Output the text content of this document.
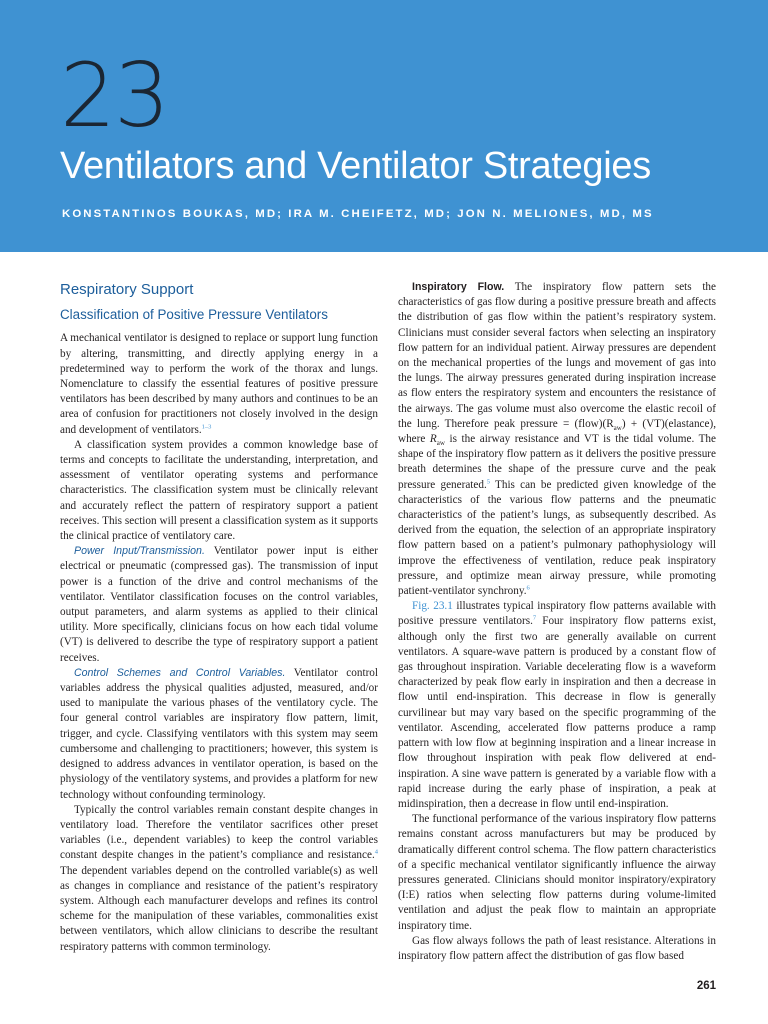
23
Ventilators and Ventilator Strategies
KONSTANTINOS BOUKAS, MD; IRA M. CHEIFETZ, MD; JON N. MELIONES, MD, MS
Respiratory Support
Classification of Positive Pressure Ventilators

A mechanical ventilator is designed to replace or support lung function by altering, transmitting, and directly applying energy in a predetermined way to perform the work of the thorax and lungs. Nomenclature to classify the essential features of positive pressure ventilators has been described by many authors and continues to be an area of confusion for practitioners not closely involved in the design and development of ventilators.$^{1-3}$

A classification system provides a common knowledge base of terms and concepts to facilitate the understanding, interpretation, and assessment of ventilator operating systems and performance characteristics. The classification system must be clinically relevant and accurately reflect the pattern of respiratory support a patient receives. This section will present a classification system as it supports the clinical practice of ventilatory care.

Power Input/Transmission. Ventilator power input is either electrical or pneumatic (compressed gas). The transmission of input power is a function of the drive and control mechanisms of the ventilator. Ventilator classification focuses on the control variables, output parameters, and alarm systems as applied to their clinical utility. More specifically, clinicians focus on how each tidal volume (VT) is delivered to describe the type of respiratory support a patient receives.

Control Schemes and Control Variables. Ventilator control variables address the physical qualities adjusted, measured, and/or used to manipulate the various phases of the ventilatory cycle. The four general control variables are inspiratory flow pattern, limit, trigger, and cycle. Classifying ventilators with this system may seem cumbersome and challenging to practitioners; however, this system is designed to address advances in ventilator operation, is based on the physiology of the ventilatory systems, and provides a platform for new technology without confounding terminology.

Typically the control variables remain constant despite changes in ventilatory load. Therefore the ventilator sacrifices other preset variables (i.e., dependent variables) to keep the control variables constant despite changes in the patient’s compliance and resistance.$^4$ The dependent variables depend on the controlled variable(s) as well as changes in compliance and resistance of the patient’s respiratory system. Although each manufacturer develops and refines its control scheme for the manipulation of these variables, commonalities exist between ventilators, which allow clinicians to describe the resultant respiratory patterns with common terminology.

Inspiratory Flow. The inspiratory flow pattern sets the characteristics of gas flow during a positive pressure breath and affects the distribution of gas flow within the patient’s respiratory system. Clinicians must consider several factors when selecting an inspiratory flow pattern for an individual patient. Airway pressures are dependent on the mechanical properties of the lungs and movement of gas into the lungs. The airway pressures generated during inspiration increase as flow enters the respiratory system and encounters the resistance of the airways. The gas volume must also overcome the elastic recoil of the lung. Therefore peak pressure = $(flow)(R_{aw})$ + (VT)(elastance), where $R_{aw}$ is the airway resistance and VT is the tidal volume. The shape of the inspiratory flow pattern as it delivers the positive pressure breath determines the shape of the pressure curve and the peak pressure generated.$^5$ This can be predicted given knowledge of the characteristics of the various flow patterns and the pneumatic characteristics of the patient’s lungs, as subsequently described. As derived from the equation, the selection of an appropriate inspiratory flow pattern based on a patient’s pulmonary pathophysiology will improve the effectiveness of ventilation, reduce peak inspiratory pressure, and optimize mean airway pressure, while promoting patient-ventilator synchrony.$^6$

Fig. 23.1 illustrates typical inspiratory flow patterns available with positive pressure ventilators.$^7$ Four inspiratory flow patterns exist, although only the first two are generally available on current ventilators. A square-wave pattern is produced by a constant flow of gas throughout inspiration. Variable decelerating flow is a waveform characterized by peak flow early in inspiration and then a decrease in flow until end-inspiration. This decrease in flow is generally curvilinear but may vary based on the specific programming of the ventilator. Ascending, accelerated flow patterns produce a ramp pattern with low flow at beginning inspiration and a linear increase in flow throughout inspiration with peak flow delivered at end-inspiration. A sine wave pattern is generated by a variable flow with a rapid increase during the early phase of inspiration, a peak at midinspiration, then a decrease in flow until end-inspiration.

The functional performance of the various inspiratory flow patterns remains constant across manufacturers but may be produced by dramatically different control schema. The flow pattern characteristics of a specific mechanical ventilator significantly influence the airway pressures generated. Clinicians should monitor inspiratory/expiratory (I:E) ratios when selecting flow patterns during volume-limited ventilation and adjust the peak flow to maintain an appropriate inspiratory time.

Gas flow always follows the path of least resistance. Alterations in inspiratory flow pattern affect the distribution of gas flow based

261
